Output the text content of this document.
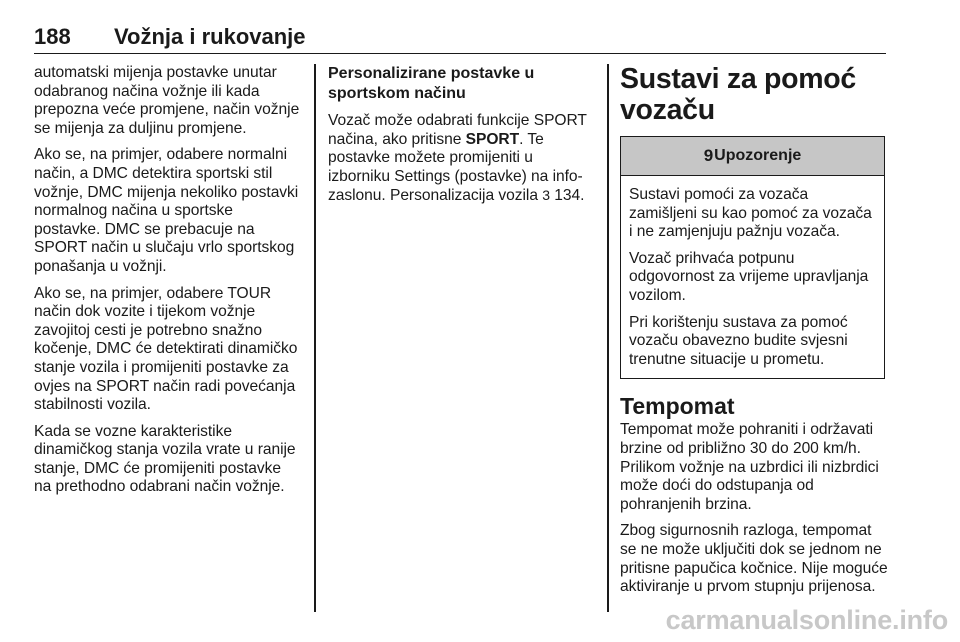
188 Vožnja i rukovanje

automatski mijenja postavke unutar odabranog načina vožnje ili kada prepozna veće promjene, način vožnje se mijenja za duljinu promjene.

Ako se, na primjer, odabere normalni način, a DMC detektira sportski stil vožnje, DMC mijenja nekoliko postavki normalnog načina u sportske postavke. DMC se prebacuje na SPORT način u slučaju vrlo sportskog ponašanja u vožnji.

Ako se, na primjer, odabere TOUR način dok vozite i tijekom vožnje zavojitoj cesti je potrebno snažno kočenje, DMC će detektirati dinamičko stanje vozila i promijeniti postavke za ovjes na SPORT način radi povećanja stabilnosti vozila.

Kada se vozne karakteristike dinamičkog stanja vozila vrate u ranije stanje, DMC će promijeniti postavke na prethodno odabrani način vožnje.

Personalizirane postavke u sportskom načinu

Vozač može odabrati funkcije SPORT načina, ako pritisne SPORT. Te postavke možete promijeniti u izborniku Settings (postavke) na info-zaslonu. Personalizacija vozila 3 134.

Sustavi za pomoć vozaču
9 Upozorenje

Sustavi pomoći za vozača zamišljeni su kao pomoć za vozača i ne zamjenjuju pažnju vozača.

Vozač prihvaća potpunu odgovornost za vrijeme upravljanja vozilom.

Pri korištenju sustava za pomoć vozaču obavezno budite svjesni trenutne situacije u prometu.

Tempomat

Tempomat može pohraniti i održavati brzine od približno 30 do 200 km/h. Prilikom vožnje na uzbrdici ili nizbrdici može doći do odstupanja od pohranjenih brzina.

Zbog sigurnosnih razloga, tempomat se ne može uključiti dok se jednom ne pritisne papučica kočnice. Nije moguće aktiviranje u prvom stupnju prijenosa.

carmanualsonline.info
